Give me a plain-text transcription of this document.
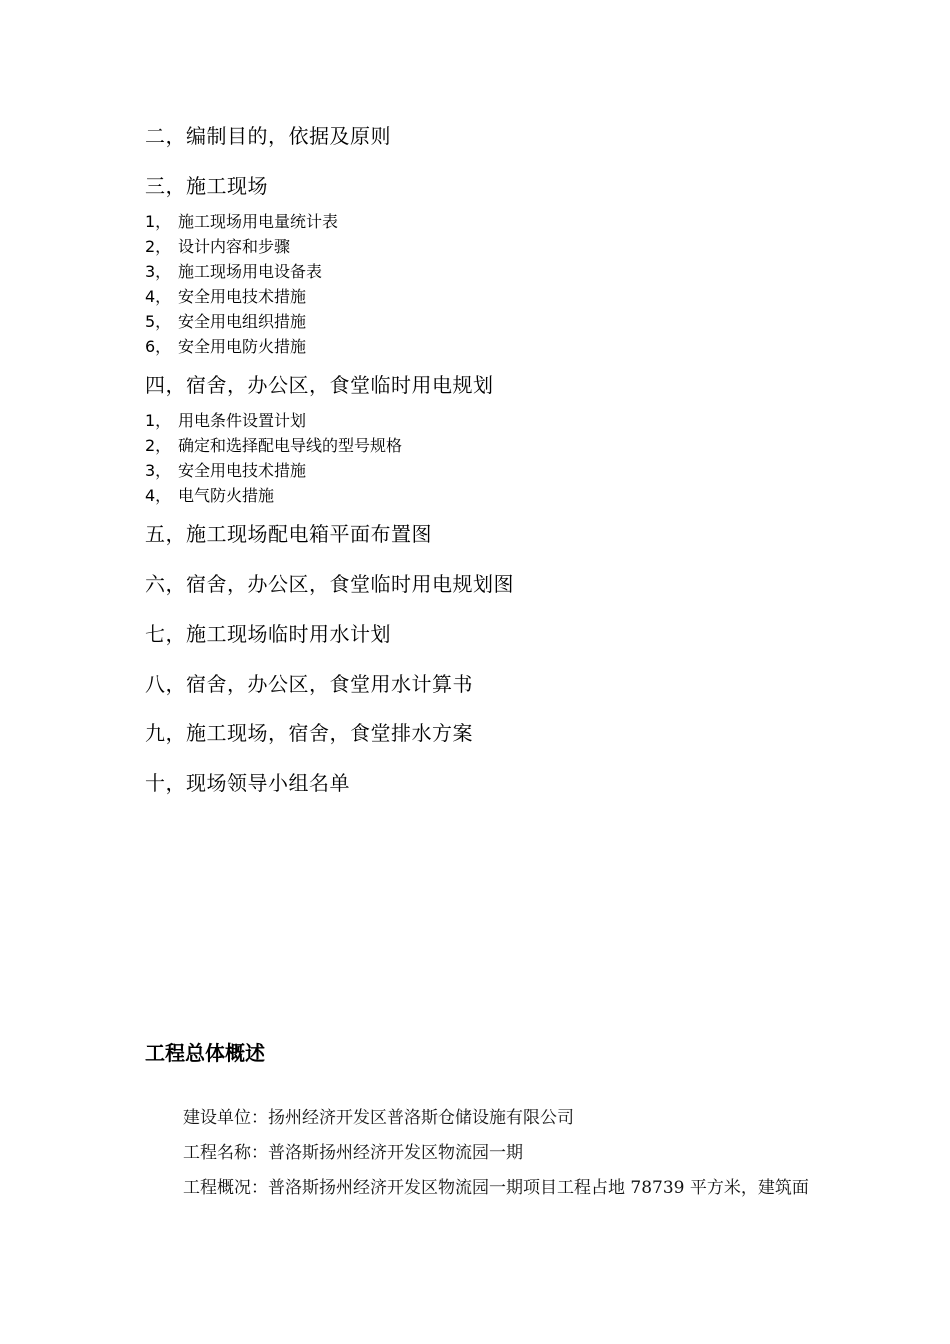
二，编制目的，依据及原则
三，施工现场
1， 施工现场用电量统计表
2， 设计内容和步骤
3， 施工现场用电设备表
4， 安全用电技术措施
5， 安全用电组织措施
6， 安全用电防火措施
四，宿舍，办公区，食堂临时用电规划
1， 用电条件设置计划
2， 确定和选择配电导线的型号规格
3， 安全用电技术措施
4， 电气防火措施
五，施工现场配电箱平面布置图
六，宿舍，办公区，食堂临时用电规划图
七，施工现场临时用水计划
八，宿舍，办公区，食堂用水计算书
九，施工现场，宿舍，食堂排水方案
十，现场领导小组名单
工程总体概述
建设单位：扬州经济开发区普洛斯仓储设施有限公司
工程名称：普洛斯扬州经济开发区物流园一期
工程概况：普洛斯扬州经济开发区物流园一期项目工程占地 78739 平方米，建筑面
